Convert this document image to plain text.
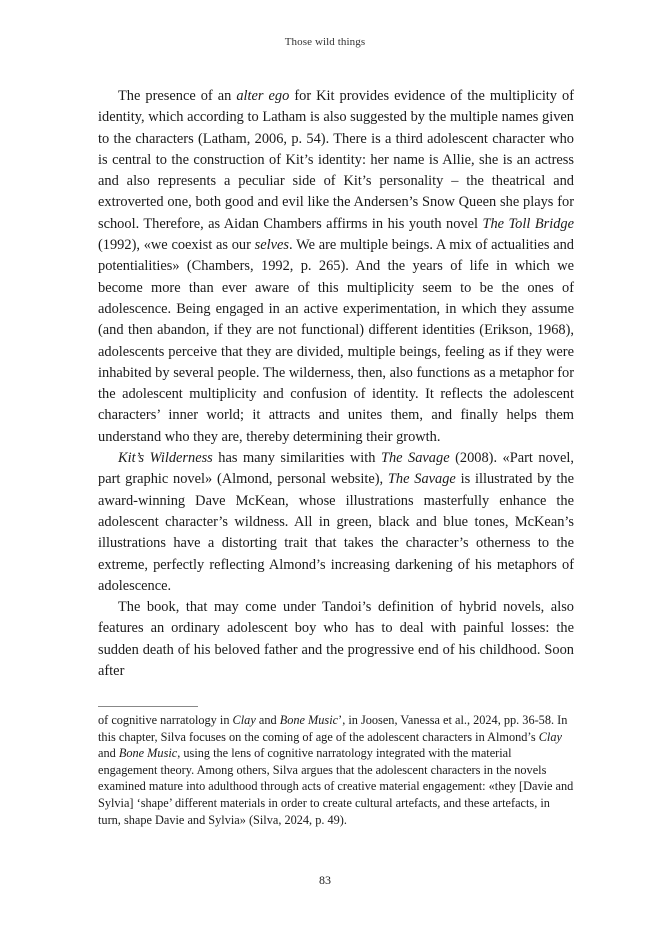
Those wild things

The presence of an alter ego for Kit provides evidence of the multiplicity of identity, which according to Latham is also suggested by the multiple names given to the characters (Latham, 2006, p. 54). There is a third adolescent character who is central to the construction of Kit’s identity: her name is Allie, she is an actress and also represents a peculiar side of Kit’s personality – the theatrical and extroverted one, both good and evil like the Andersen’s Snow Queen she plays for school. Therefore, as Aidan Chambers affirms in his youth novel The Toll Bridge (1992), «we coexist as our selves. We are multiple beings. A mix of actualities and potentialities» (Chambers, 1992, p. 265). And the years of life in which we become more than ever aware of this multiplicity seem to be the ones of adolescence. Being engaged in an active experimentation, in which they assume (and then abandon, if they are not functional) different identities (Erikson, 1968), adolescents perceive that they are divided, multiple beings, feeling as if they were inhabited by several people. The wilderness, then, also functions as a metaphor for the adolescent multiplicity and confusion of identity. It reflects the adolescent characters’ inner world; it attracts and unites them, and finally helps them understand who they are, thereby determining their growth.

Kit’s Wilderness has many similarities with The Savage (2008). «Part novel, part graphic novel» (Almond, personal website), The Savage is illustrated by the award-winning Dave McKean, whose illustrations masterfully enhance the adolescent character’s wildness. All in green, black and blue tones, McKean’s illustrations have a distorting trait that takes the character’s otherness to the extreme, perfectly reflecting Almond’s increasing darkening of his metaphors of adolescence.

The book, that may come under Tandoi’s definition of hybrid novels, also features an ordinary adolescent boy who has to deal with painful losses: the sudden death of his beloved father and the progressive end of his childhood. Soon after

of cognitive narratology in Clay and Bone Music’, in Joosen, Vanessa et al., 2024, pp. 36-58. In this chapter, Silva focuses on the coming of age of the adolescent characters in Almond’s Clay and Bone Music, using the lens of cognitive narratology integrated with the material engagement theory. Among others, Silva argues that the adolescent characters in the novels examined mature into adulthood through acts of creative material engagement: «they [Davie and Sylvia] ‘shape’ different materials in order to create cultural artefacts, and these artefacts, in turn, shape Davie and Sylvia» (Silva, 2024, p. 49).

83
